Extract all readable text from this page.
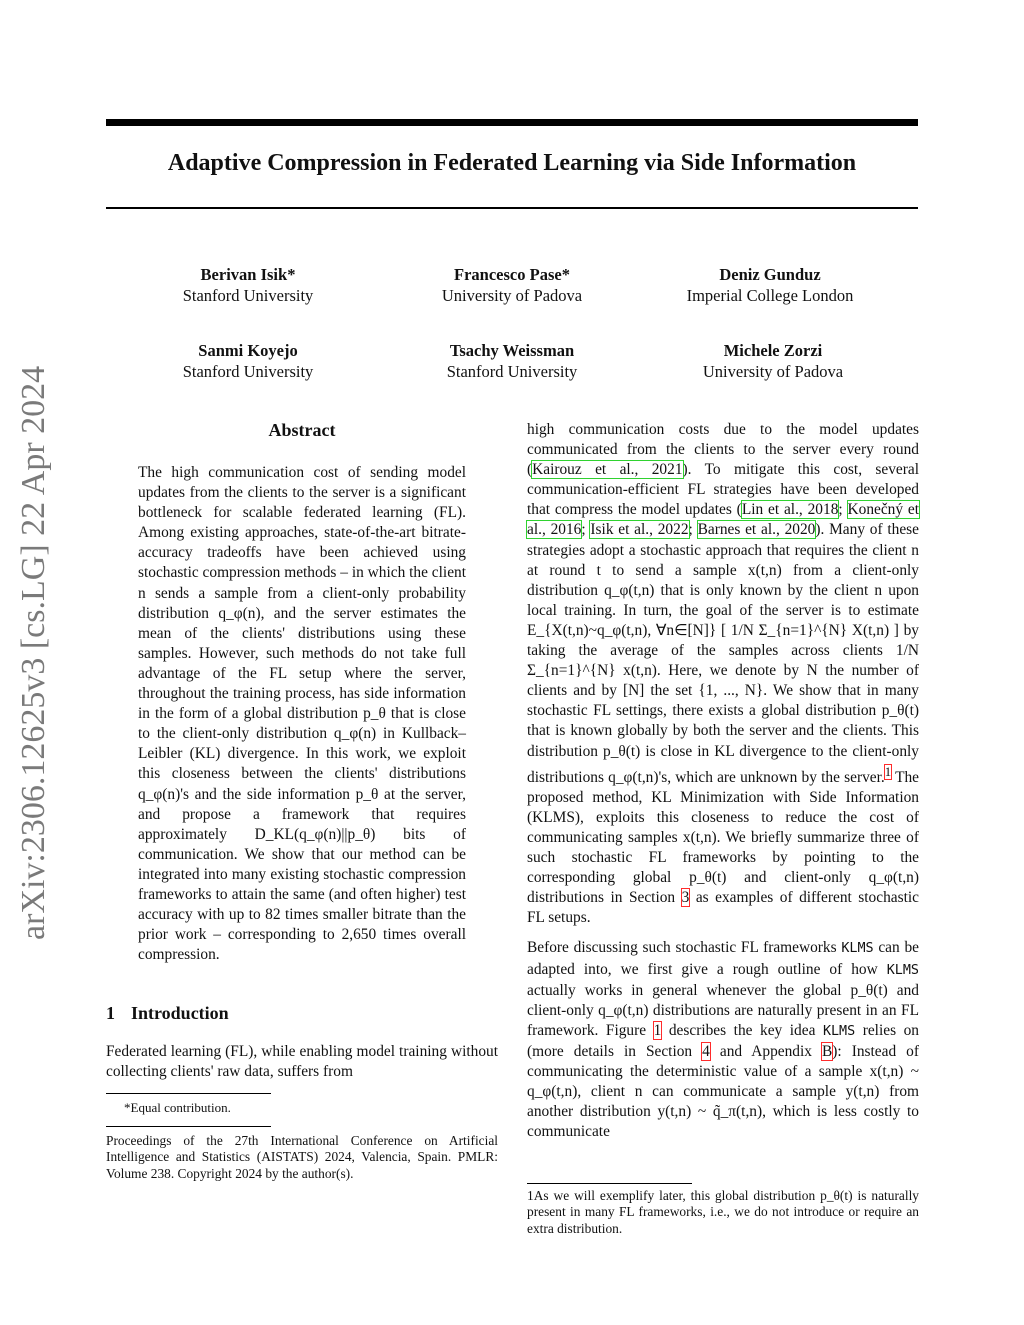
Adaptive Compression in Federated Learning via Side Information
arXiv:2306.12625v3 [cs.LG] 22 Apr 2024
Berivan Isik*
Stanford University
Francesco Pase*
University of Padova
Deniz Gunduz
Imperial College London
Sanmi Koyejo
Stanford University
Tsachy Weissman
Stanford University
Michele Zorzi
University of Padova
Abstract

The high communication cost of sending model updates from the clients to the server is a significant bottleneck for scalable federated learning (FL). Among existing approaches, state-of-the-art bitrate-accuracy tradeoffs have been achieved using stochastic compression methods – in which the client n sends a sample from a client-only probability distribution q_φ(n), and the server estimates the mean of the clients' distributions using these samples. However, such methods do not take full advantage of the FL setup where the server, throughout the training process, has side information in the form of a global distribution p_θ that is close to the client-only distribution q_φ(n) in Kullback–Leibler (KL) divergence. In this work, we exploit this closeness between the clients' distributions q_φ(n)'s and the side information p_θ at the server, and propose a framework that requires approximately D_KL(q_φ(n)||p_θ) bits of communication. We show that our method can be integrated into many existing stochastic compression frameworks to attain the same (and often higher) test accuracy with up to 82 times smaller bitrate than the prior work – corresponding to 2,650 times overall compression.

1 Introduction

Federated learning (FL), while enabling model training without collecting clients' raw data, suffers from

*Equal contribution.

Proceedings of the 27th International Conference on Artificial Intelligence and Statistics (AISTATS) 2024, Valencia, Spain. PMLR: Volume 238. Copyright 2024 by the author(s).

high communication costs due to the model updates communicated from the clients to the server every round (Kairouz et al., 2021). To mitigate this cost, several communication-efficient FL strategies have been developed that compress the model updates (Lin et al., 2018; Konečný et al., 2016; Isik et al., 2022; Barnes et al., 2020). Many of these strategies adopt a stochastic approach that requires the client n at round t to send a sample x(t,n) from a client-only distribution q_φ(t,n) that is only known by the client n upon local training. In turn, the goal of the server is to estimate E_{X(t,n)~q_φ(t,n), ∀n∈[N]} [ 1/N Σ_{n=1}^{N} X(t,n) ] by taking the average of the samples across clients 1/N Σ_{n=1}^{N} x(t,n). Here, we denote by N the number of clients and by [N] the set {1, ..., N}. We show that in many stochastic FL settings, there exists a global distribution p_θ(t) that is known globally by both the server and the clients. This distribution p_θ(t) is close in KL divergence to the client-only distributions q_φ(t,n)'s, which are unknown by the server.$^1$ The proposed method, KL Minimization with Side Information (KLMS), exploits this closeness to reduce the cost of communicating samples x(t,n). We briefly summarize three of such stochastic FL frameworks by pointing to the corresponding global p_θ(t) and client-only q_φ(t,n) distributions in Section 3 as examples of different stochastic FL setups.

Before discussing such stochastic FL frameworks KLMS can be adapted into, we first give a rough outline of how KLMS actually works in general whenever the global p_θ(t) and client-only q_φ(t,n) distributions are naturally present in an FL framework. Figure 1 describes the key idea KLMS relies on (more details in Section 4 and Appendix B): Instead of communicating the deterministic value of a sample x(t,n) ~ q_φ(t,n), client n can communicate a sample y(t,n) from another distribution y(t,n) ~ q̃_π(t,n), which is less costly to communicate

1As we will exemplify later, this global distribution p_θ(t) is naturally present in many FL frameworks, i.e., we do not introduce or require an extra distribution.
